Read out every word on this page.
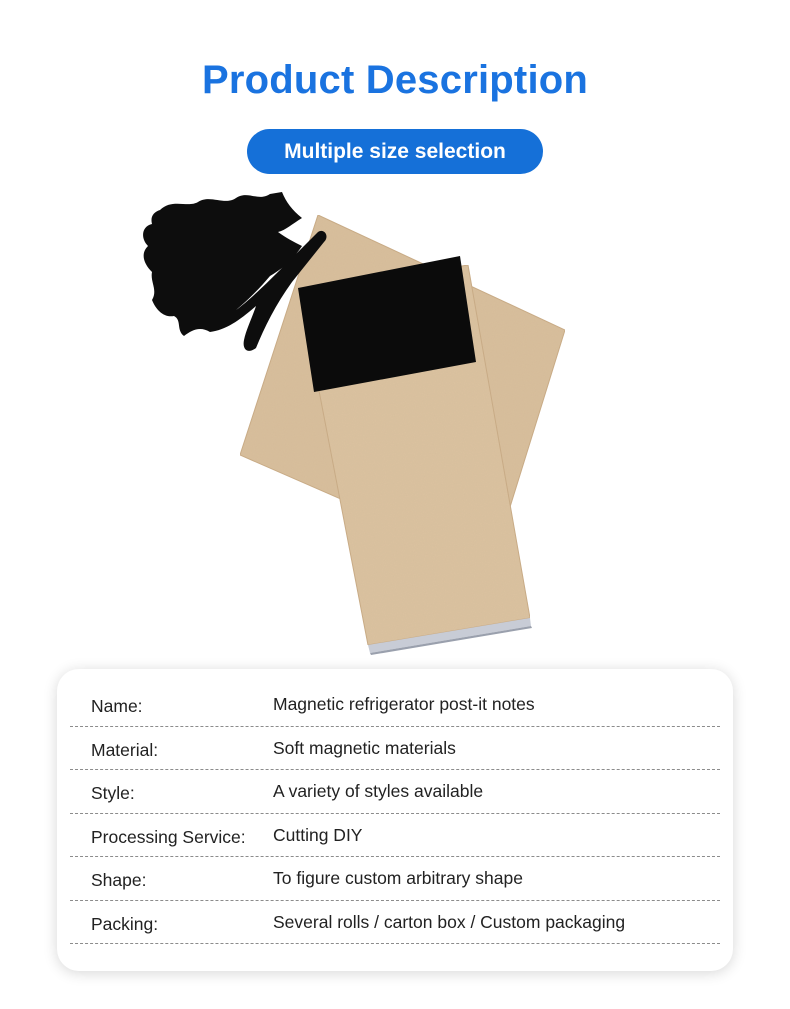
Product Description
Multiple size selection
Name:	Magnetic refrigerator post-it notes
Material:	Soft magnetic materials
Style:	A variety of styles available
Processing Service: Cutting DIY
Shape:	To figure custom arbitrary shape
Packing:	Several rolls / carton box / Custom packaging
